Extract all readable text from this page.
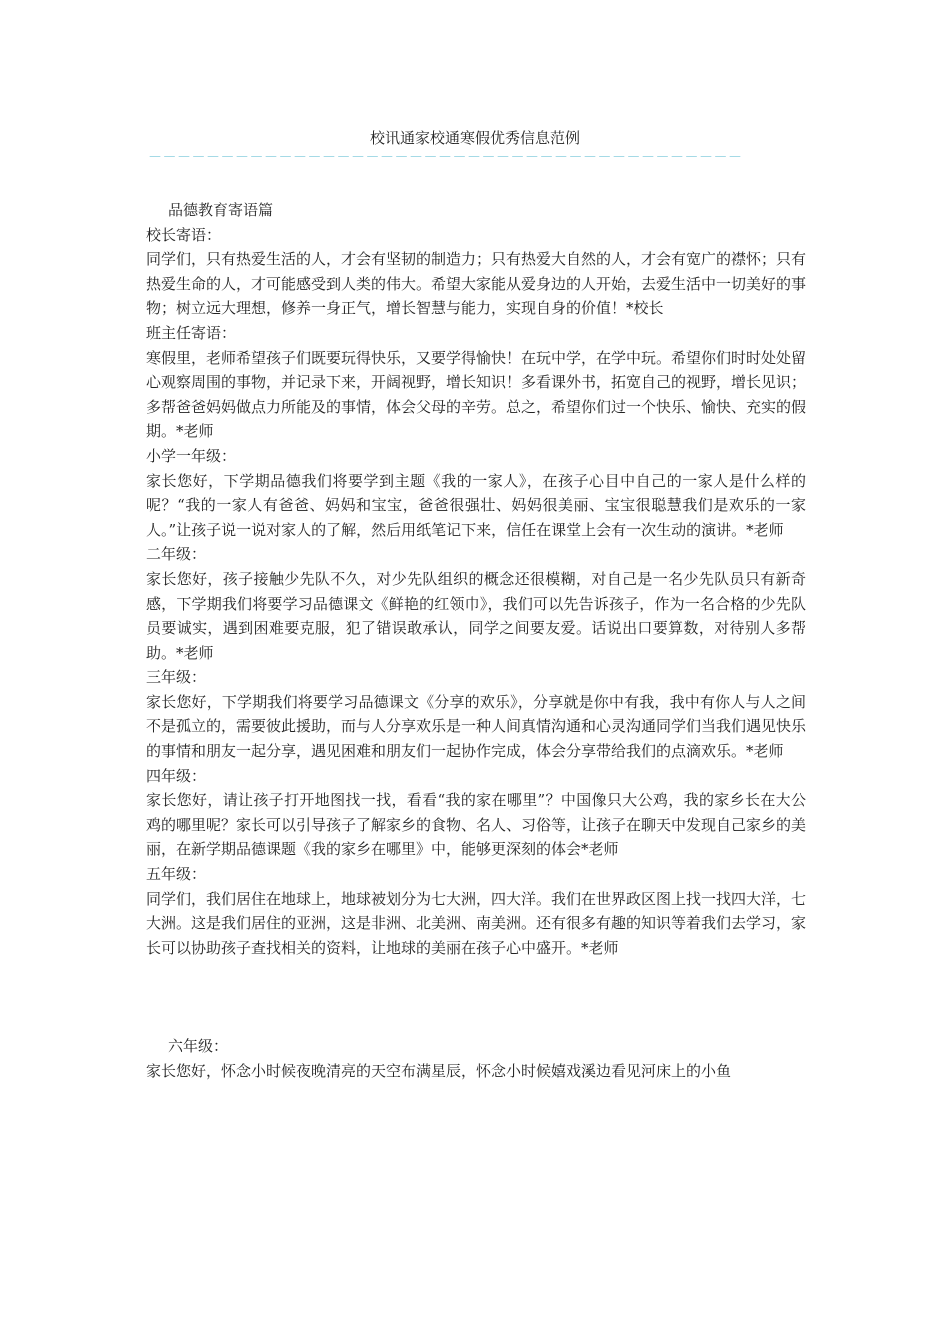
校讯通家校通寒假优秀信息范例
－－－－－－－－－－－－－－－－－－－－－－－－－－－－－－－－－－－－－－－－－

品德教育寄语篇

校长寄语：

同学们，只有热爱生活的人，才会有坚韧的制造力；只有热爱大自然的人，才会有宽广的襟怀；只有热爱生命的人，才可能感受到人类的伟大。希望大家能从爱身边的人开始，去爱生活中一切美好的事物；树立远大理想，修养一身正气，增长智慧与能力，实现自身的价值！*校长

班主任寄语：

寒假里，老师希望孩子们既要玩得快乐，又要学得愉快！在玩中学，在学中玩。希望你们时时处处留心观察周围的事物，并记录下来，开阔视野，增长知识！多看课外书，拓宽自己的视野，增长见识；多帮爸爸妈妈做点力所能及的事情，体会父母的辛劳。总之，希望你们过一个快乐、愉快、充实的假期。*老师

小学一年级：

家长您好，下学期品德我们将要学到主题《我的一家人》，在孩子心目中自己的一家人是什么样的呢？“我的一家人有爸爸、妈妈和宝宝，爸爸很强壮、妈妈很美丽、宝宝很聪慧我们是欢乐的一家人。”让孩子说一说对家人的了解，然后用纸笔记下来，信任在课堂上会有一次生动的演讲。*老师

二年级：

家长您好，孩子接触少先队不久，对少先队组织的概念还很模糊，对自己是一名少先队员只有新奇感，下学期我们将要学习品德课文《鲜艳的红领巾》，我们可以先告诉孩子，作为一名合格的少先队员要诚实，遇到困难要克服，犯了错误敢承认，同学之间要友爱。话说出口要算数，对待别人多帮助。*老师

三年级：

家长您好，下学期我们将要学习品德课文《分享的欢乐》，分享就是你中有我，我中有你人与人之间不是孤立的，需要彼此援助，而与人分享欢乐是一种人间真情沟通和心灵沟通同学们当我们遇见快乐的事情和朋友一起分享，遇见困难和朋友们一起协作完成，体会分享带给我们的点滴欢乐。*老师

四年级：

家长您好，请让孩子打开地图找一找，看看“我的家在哪里”？中国像只大公鸡，我的家乡长在大公鸡的哪里呢？家长可以引导孩子了解家乡的食物、名人、习俗等，让孩子在聊天中发现自己家乡的美丽，在新学期品德课题《我的家乡在哪里》中，能够更深刻的体会*老师

五年级：

同学们，我们居住在地球上，地球被划分为七大洲，四大洋。我们在世界政区图上找一找四大洋，七大洲。这是我们居住的亚洲，这是非洲、北美洲、南美洲。还有很多有趣的知识等着我们去学习，家长可以协助孩子查找相关的资料，让地球的美丽在孩子心中盛开。*老师

六年级：

家长您好，怀念小时候夜晚清亮的天空布满星辰，怀念小时候嬉戏溪边看见河床上的小鱼
